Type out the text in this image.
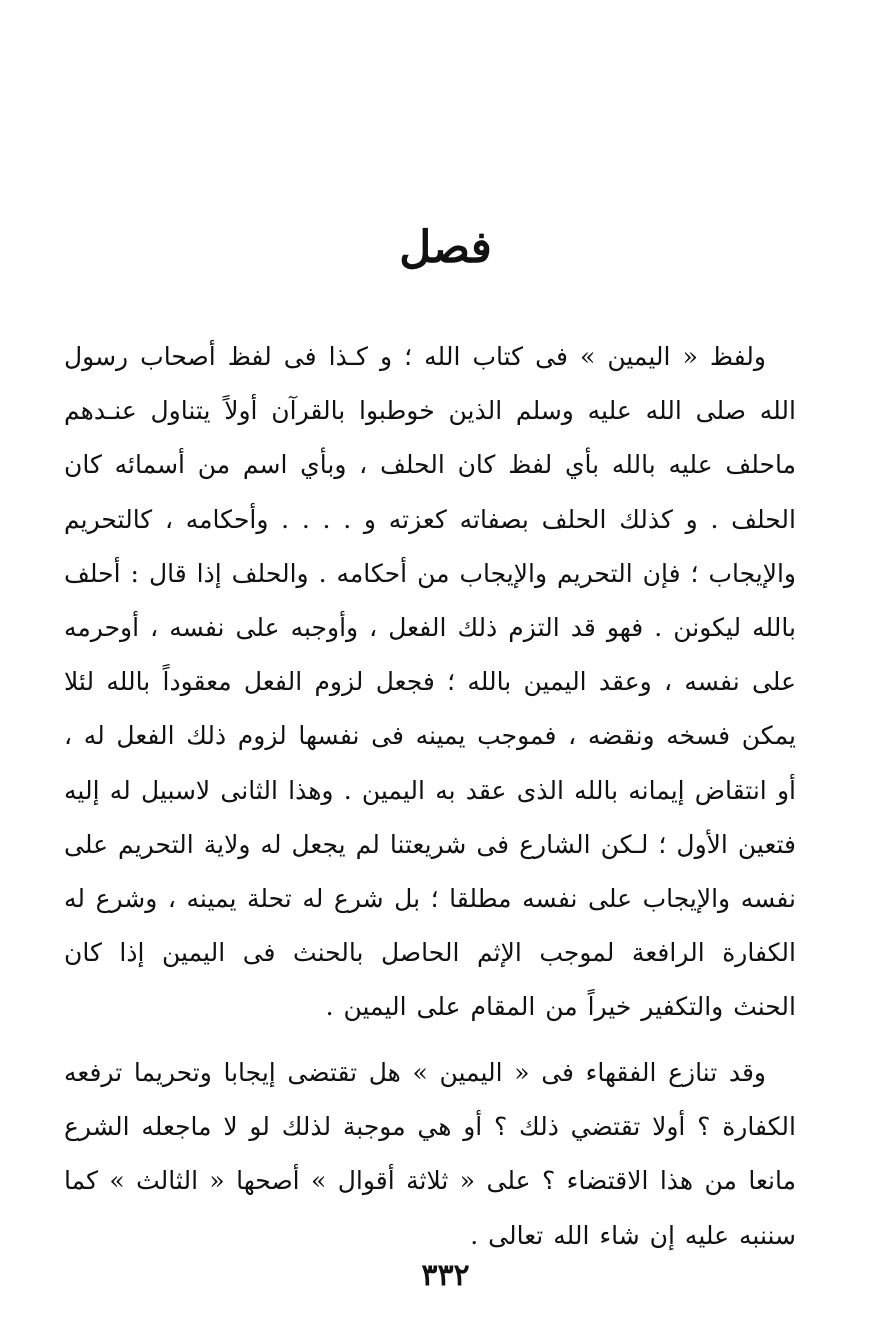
فصل

ولفظ « اليمين » فى كتاب الله ؛ و كـذا فى لفظ أصحاب رسول الله صلى الله عليه وسلم الذين خوطبوا بالقرآن أولاً يتناول عنـدهم ماحلف عليه بالله بأي لفظ كان الحلف ، وبأي اسم من أسمائه كان الحلف . و كذلك الحلف بصفاته كعزته و . . . . وأحكامه ، كالتحريم والإيجاب ؛ فإن التحريم والإيجاب من أحكامه . والحلف إذا قال : أحلف بالله ليكونن . فهو قد التزم ذلك الفعل ، وأوجبه على نفسه ، أوحرمه على نفسه ، وعقد اليمين بالله ؛ فجعل لزوم الفعل معقوداً بالله لئلا يمكن فسخه ونقضه ، فموجب يمينه فى نفسها لزوم ذلك الفعل له ، أو انتقاض إيمانه بالله الذى عقد به اليمين . وهذا الثانى لاسبيل له إليه فتعين الأول ؛ لـكن الشارع فى شريعتنا لم يجعل له ولاية التحريم على نفسه والإيجاب على نفسه مطلقا ؛ بل شرع له تحلة يمينه ، وشرع له الكفارة الرافعة لموجب الإثم الحاصل بالحنث فى اليمين إذا كان الحنث والتكفير خيراً من المقام على اليمين .

وقد تنازع الفقهاء فى « اليمين » هل تقتضى إيجابا وتحريما ترفعه الكفارة ؟ أولا تقتضي ذلك ؟ أو هي موجبة لذلك لو لا ماجعله الشرع مانعا من هذا الاقتضاء ؟ على « ثلاثة أقوال » أصحها « الثالث » كما سننبه عليه إن شاء الله تعالى .

٣٣٢
